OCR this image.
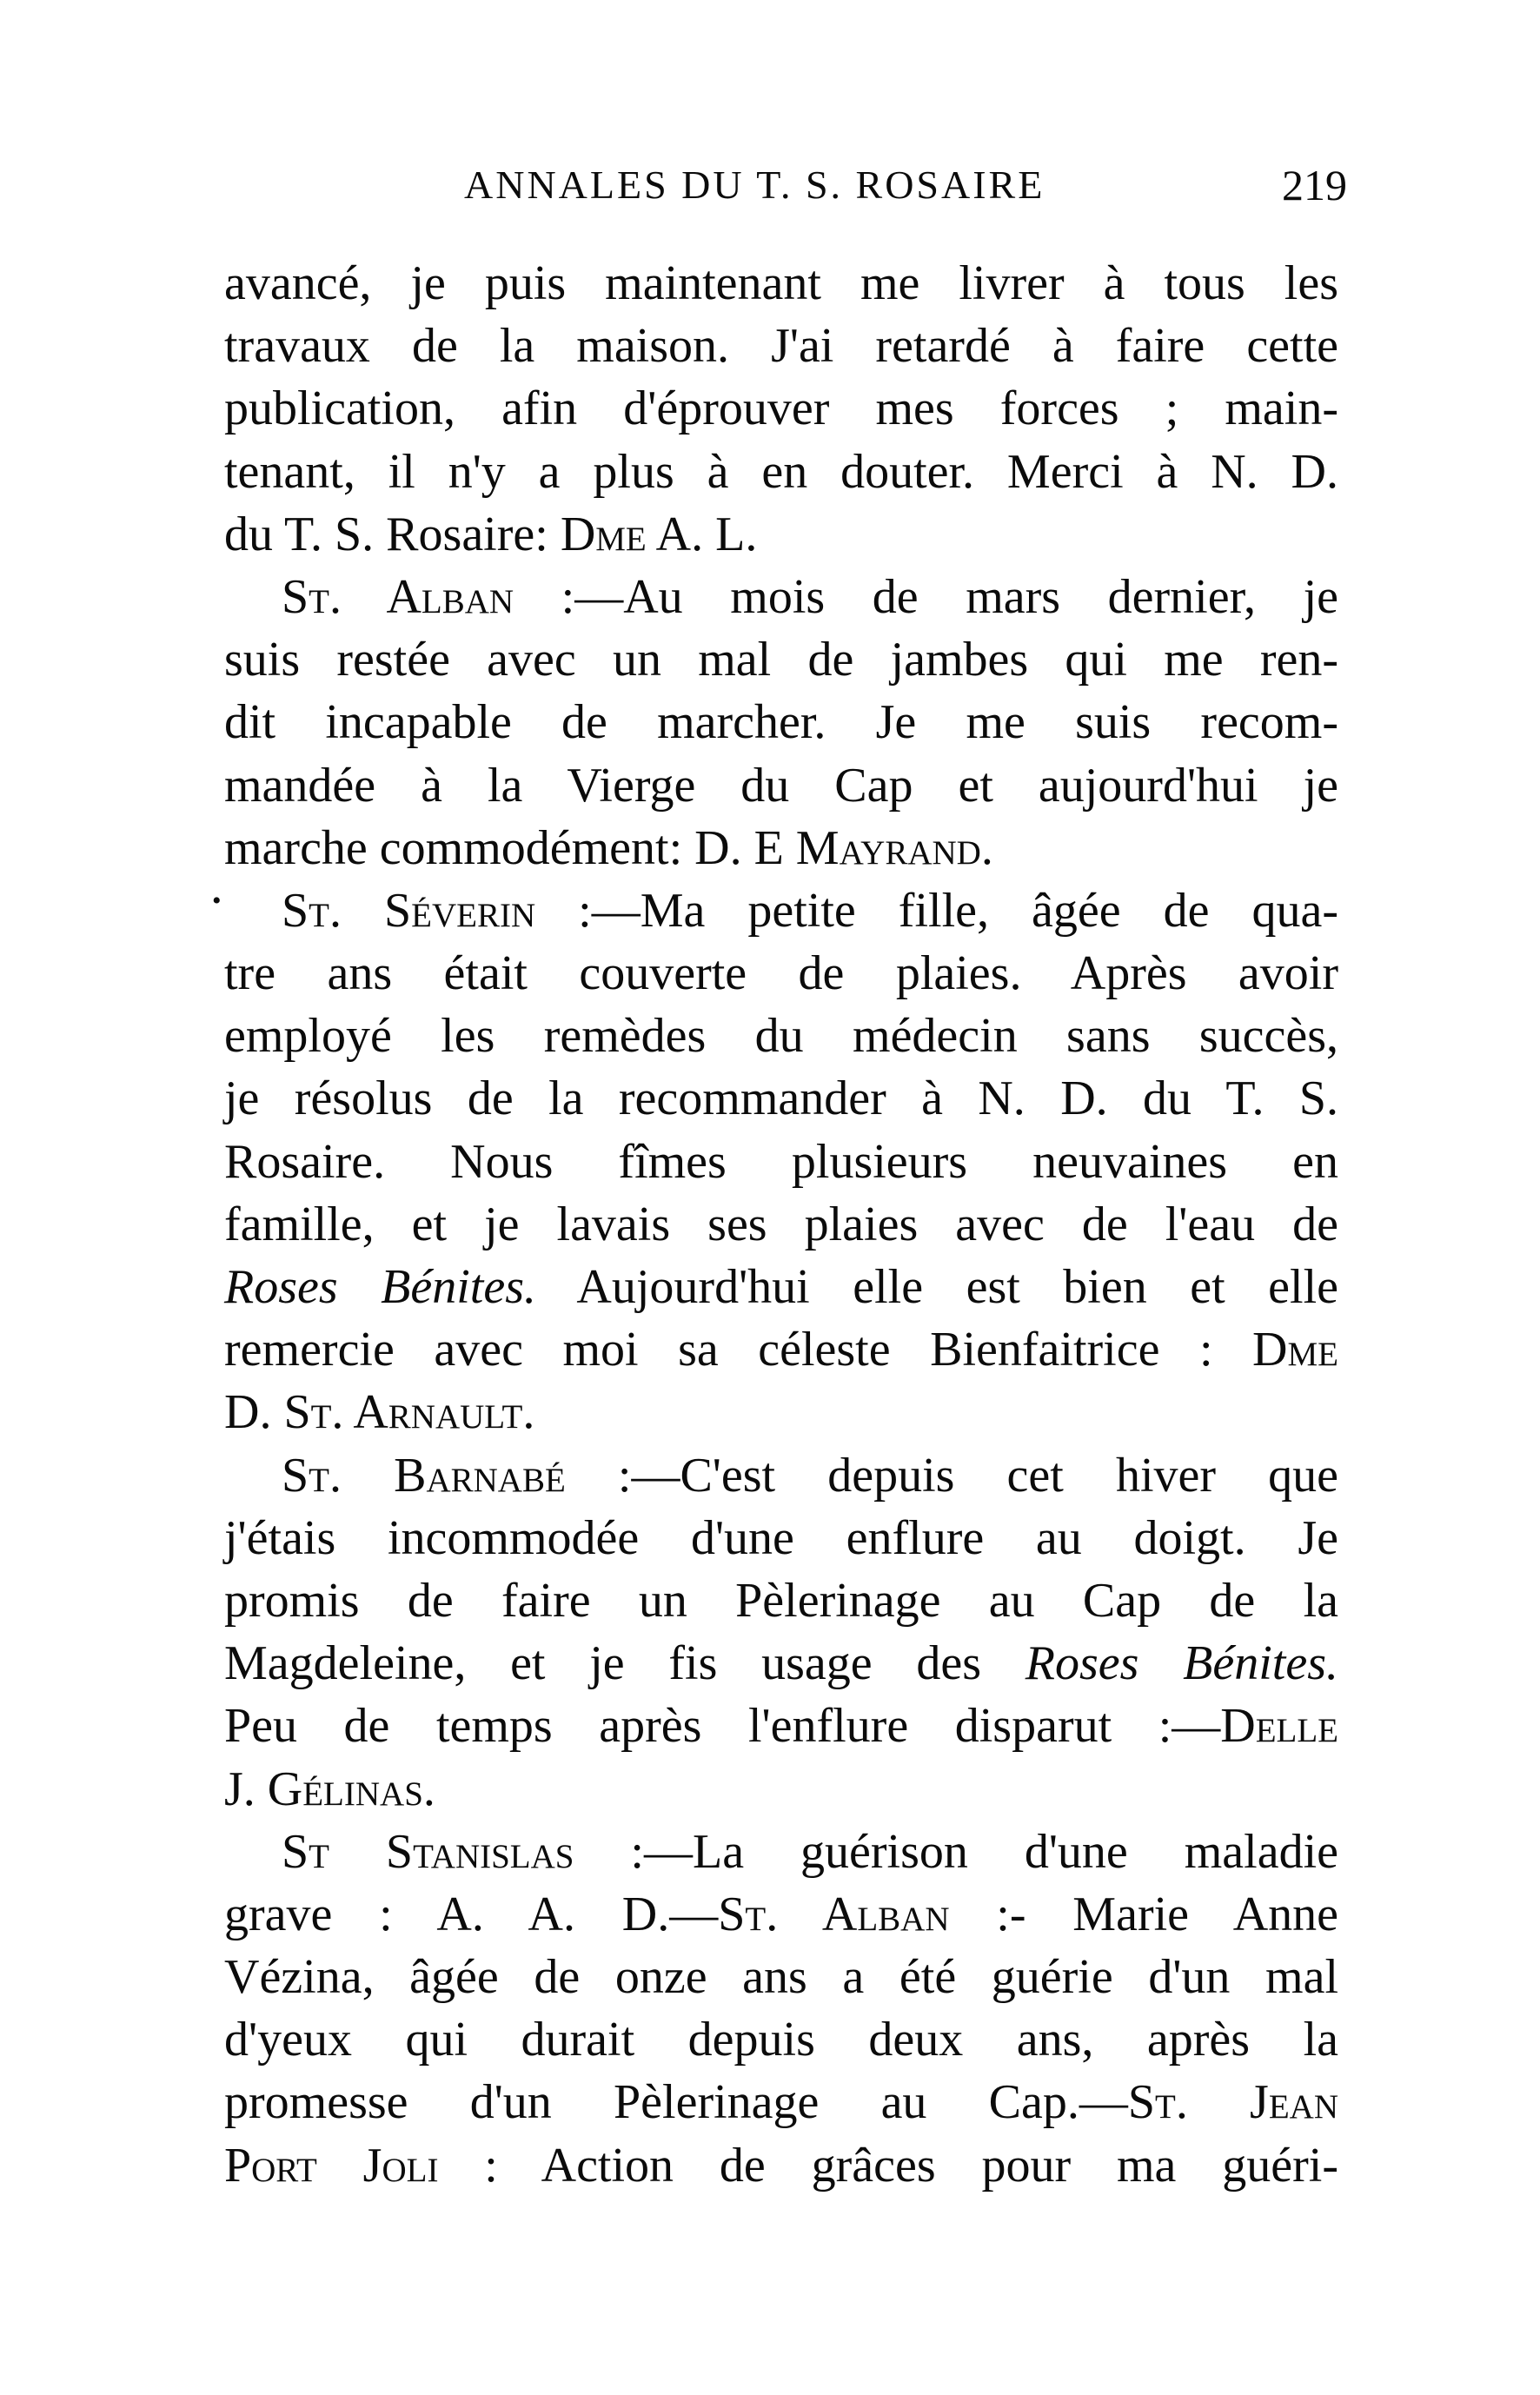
ANNALES DU T. S. ROSAIRE	219
avancé, je puis maintenant me livrer à tous les
travaux de la maison. J'ai retardé à faire cette
publication, afin d'éprouver mes forces ; main-
tenant, il n'y a plus à en douter. Merci à N. D.
du T. S. Rosaire: Dme A. L.
St. Alban :—Au mois de mars dernier, je
suis restée avec un mal de jambes qui me ren-
dit incapable de marcher. Je me suis recom-
mandée à la Vierge du Cap et aujourd'hui je
marche commodément: D. E Mayrand.
• St. Séverin :—Ma petite fille, âgée de qua-
tre ans était couverte de plaies. Après avoir
employé les remèdes du médecin sans succès,
je résolus de la recommander à N. D. du T. S.
Rosaire. Nous fîmes plusieurs neuvaines en
famille, et je lavais ses plaies avec de l'eau de
Roses Bénites. Aujourd'hui elle est bien et elle
remercie avec moi sa céleste Bienfaitrice : Dme
D. St. Arnault.
St. Barnabé :—C'est depuis cet hiver que
j'étais incommodée d'une enflure au doigt. Je
promis de faire un Pèlerinage au Cap de la
Magdeleine, et je fis usage des Roses Bénites.
Peu de temps après l'enflure disparut :—Delle
J. Gélinas.
St Stanislas :—La guérison d'une maladie
grave : A. A. D.—St. Alban :- Marie Anne
Vézina, âgée de onze ans a été guérie d'un mal
d'yeux qui durait depuis deux ans, après la
promesse d'un Pèlerinage au Cap.—St. Jean
Port Joli : Action de grâces pour ma guéri-
